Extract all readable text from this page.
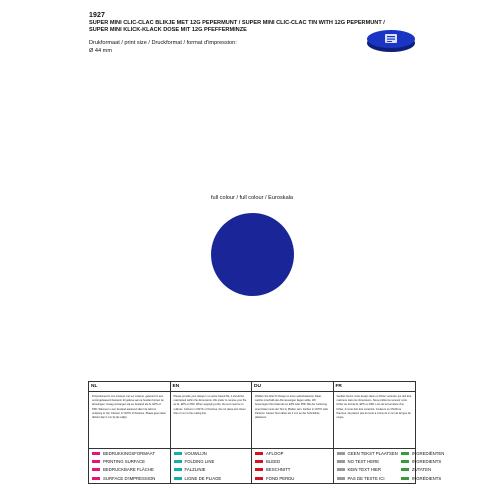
1927
SUPER MINI CLIC-CLAC BLIKJE MET 12G PEPERMUNT / SUPER MINI CLIC-CLAC TIN WITH 12G PEPERMUNT / SUPER MINI KLICK-KLACK DOSE MIT 12G PFEFFERMINZE
Drukformaat / print size / Druckformat / format d'impression:
Ø 44 mm
full colour / full colour / Euroskala
NL
Proportioneel in ons ontwerp met uw ontwerp, geleverd in een vectorgebaseerd bestand, dit gelieve aan te houden binnen de afmetingen. Graag ontvangen wij uw bestand als AI, EPS of PDF. Wanneer u een bestand aanlevert dient de tekst in omlijning te zijn. Kleuren in CMYK of Pantone. Plaats geen tekst dichter dan 2 mm bij de snijlijn.
BEDRUKKINGSFORMAAT
PRINTING SURFACE
BEDRUCKBARE FLÄCHE
SURFACE D'IMPRESSION
EN
Please provide your design in a vector based file, it should be maintained within the dimensions. We prefer to receive your file as AI, EPS or PDF. When supplying a file, the text must be in outlines. Colours in CMYK or Pantone. Do not place text closer than 2 mm to the cutting line.
VOUWLIJN
FOLDING LINE
FALZLINIE
LIGNE DE PLIAGE
DU
Wählen Sie bitte Ihr Design in einer vektorbasierten Datei, welche innerhalb der Abmessungen liegen sollte. Wir bevorzugen Ihre Datei als AI, EPS oder PDF. Bei der Lieferung einer Datei muss der Text in Pfaden sein. Farben in CMYK oder Pantone. Keinen Text näher als 2 mm an der Schnittlinie platzieren.
AFLOOP
BLEED
BESCHNITT
FOND PERDU
FR
Veuillez fournir votre design dans un fichier vectoriel, qui doit être maintenu dans les dimensions. Nous préférons recevoir votre fichier au format AI, EPS ou PDF. Lors de la fourniture d'un fichier, le texte doit être vectorisé. Couleurs en CMJN ou Pantone. Ne placez pas de texte à moins de 2 mm de la ligne de coupe.
GEEN TEKST PLAATSEN
NO TEXT HERE
KEIN TEXT HIER
PAS DE TEXTE ICI
INGREDIËNTEN
INGREDIENTS
ZUTATEN
INGRÉDIENTS
